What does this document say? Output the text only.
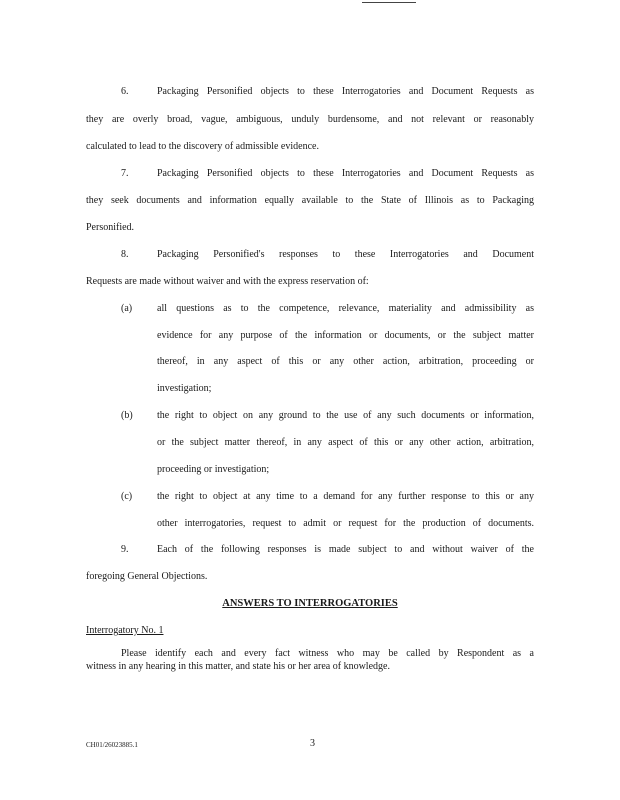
6.	Packaging Personified objects to these Interrogatories and Document Requests as
they are overly broad, vague, ambiguous, unduly burdensome, and not relevant or reasonably
calculated to lead to the discovery of admissible evidence.
7.	Packaging Personified objects to these Interrogatories and Document Requests as
they seek documents and information equally available to the State of Illinois as to Packaging
Personified.
8.	Packaging Personified's responses to these Interrogatories and Document
Requests are made without waiver and with the express reservation of:
(a) all questions as to the competence, relevance, materiality and admissibility as
evidence for any purpose of the information or documents, or the subject matter
thereof, in any aspect of this or any other action, arbitration, proceeding or
investigation;
(b) the right to object on any ground to the use of any such documents or information,
or the subject matter thereof, in any aspect of this or any other action, arbitration,
proceeding or investigation;
(c) the right to object at any time to a demand for any further response to this or any
other interrogatories, request to admit or request for the production of documents.
9.	Each of the following responses is made subject to and without waiver of the
foregoing General Objections.
ANSWERS TO INTERROGATORIES
Interrogatory No. 1
Please identify each and every fact witness who may be called by Respondent as a
witness in any hearing in this matter, and state his or her area of knowledge.
CH01/26023885.1	3
